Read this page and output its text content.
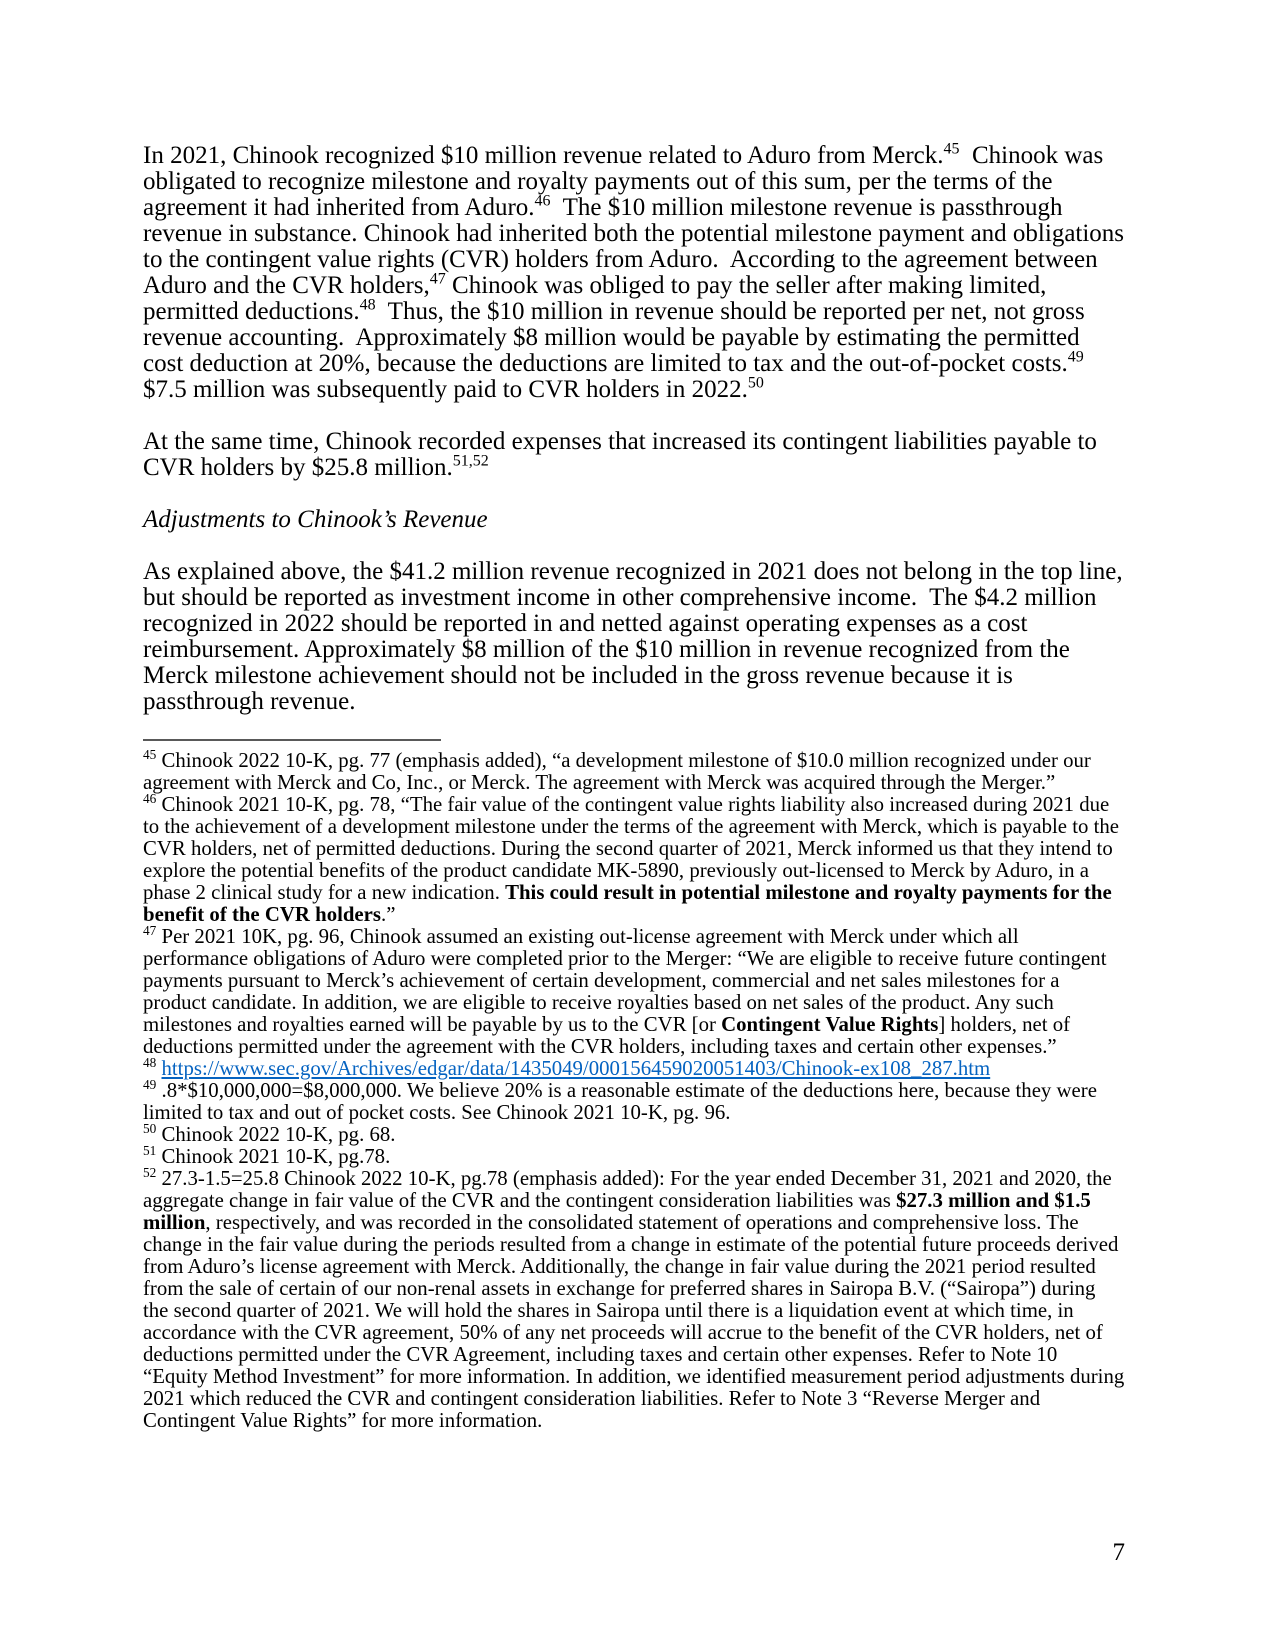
In 2021, Chinook recognized $10 million revenue related to Aduro from Merck.$^{45}$  Chinook was obligated to recognize milestone and royalty payments out of this sum, per the terms of the agreement it had inherited from Aduro.$^{46}$  The $10 million milestone revenue is passthrough revenue in substance. Chinook had inherited both the potential milestone payment and obligations to the contingent value rights (CVR) holders from Aduro.  According to the agreement between Aduro and the CVR holders,$^{47}$ Chinook was obliged to pay the seller after making limited, permitted deductions.$^{48}$  Thus, the $10 million in revenue should be reported per net, not gross revenue accounting.  Approximately $8 million would be payable by estimating the permitted cost deduction at 20%, because the deductions are limited to tax and the out-of-pocket costs.$^{49}$ $7.5 million was subsequently paid to CVR holders in 2022.50

At the same time, Chinook recorded expenses that increased its contingent liabilities payable to CVR holders by $25.8 million.$^{51,52}$

Adjustments to Chinook’s Revenue

As explained above, the $41.2 million revenue recognized in 2021 does not belong in the top line, but should be reported as investment income in other comprehensive income.  The $4.2 million recognized in 2022 should be reported in and netted against operating expenses as a cost reimbursement. Approximately $8 million of the $10 million in revenue recognized from the Merck milestone achievement should not be included in the gross revenue because it is passthrough revenue.

$^{45}$ Chinook 2022 10-K, pg. 77 (emphasis added), “a development milestone of $10.0 million recognized under our agreement with Merck and Co, Inc., or Merck. The agreement with Merck was acquired through the Merger.”
$^{46}$ Chinook 2021 10-K, pg. 78, “The fair value of the contingent value rights liability also increased during 2021 due to the achievement of a development milestone under the terms of the agreement with Merck, which is payable to the CVR holders, net of permitted deductions. During the second quarter of 2021, Merck informed us that they intend to explore the potential benefits of the product candidate MK-5890, previously out-licensed to Merck by Aduro, in a phase 2 clinical study for a new indication. This could result in potential milestone and royalty payments for the benefit of the CVR holders.”
$^{47}$ Per 2021 10K, pg. 96, Chinook assumed an existing out-license agreement with Merck under which all performance obligations of Aduro were completed prior to the Merger: “We are eligible to receive future contingent payments pursuant to Merck’s achievement of certain development, commercial and net sales milestones for a product candidate. In addition, we are eligible to receive royalties based on net sales of the product. Any such milestones and royalties earned will be payable by us to the CVR [or Contingent Value Rights] holders, net of deductions permitted under the agreement with the CVR holders, including taxes and certain other expenses.”
$^{48}$ https://www.sec.gov/Archives/edgar/data/1435049/000156459020051403/Chinook-ex108_287.htm
$^{49}$ .8*$10,000,000=$8,000,000. We believe 20% is a reasonable estimate of the deductions here, because they were limited to tax and out of pocket costs. See Chinook 2021 10-K, pg. 96.
$^{50}$ Chinook 2022 10-K, pg. 68.
$^{51}$ Chinook 2021 10-K, pg.78.
$^{52}$ 27.3-1.5=25.8 Chinook 2022 10-K, pg.78 (emphasis added): For the year ended December 31, 2021 and 2020, the aggregate change in fair value of the CVR and the contingent consideration liabilities was $27.3 million and $1.5 million, respectively, and was recorded in the consolidated statement of operations and comprehensive loss. The change in the fair value during the periods resulted from a change in estimate of the potential future proceeds derived from Aduro’s license agreement with Merck. Additionally, the change in fair value during the 2021 period resulted from the sale of certain of our non-renal assets in exchange for preferred shares in Sairopa B.V. (“Sairopa”) during the second quarter of 2021. We will hold the shares in Sairopa until there is a liquidation event at which time, in accordance with the CVR agreement, 50% of any net proceeds will accrue to the benefit of the CVR holders, net of deductions permitted under the CVR Agreement, including taxes and certain other expenses. Refer to Note 10 “Equity Method Investment” for more information. In addition, we identified measurement period adjustments during 2021 which reduced the CVR and contingent consideration liabilities. Refer to Note 3 “Reverse Merger and Contingent Value Rights” for more information.
7
